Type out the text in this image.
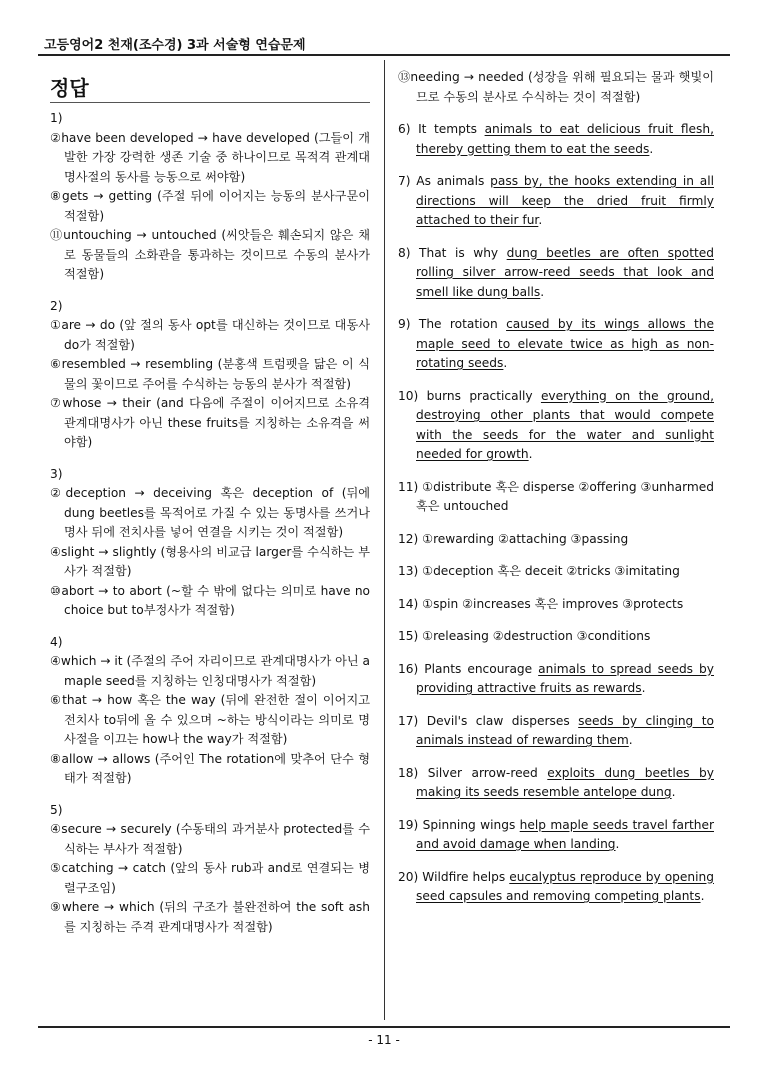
고등영어2 천재(조수경) 3과 서술형 연습문제
정답
1)
②have been developed → have developed (그들이 개발한 가장 강력한 생존 기술 중 하나이므로 목적격 관계대명사절의 동사를 능동으로 써야함)
⑧gets → getting (주절 뒤에 이어지는 능동의 분사구문이 적절함)
⑪untouching → untouched (씨앗들은 훼손되지 않은 채로 동물들의 소화관을 통과하는 것이므로 수동의 분사가 적절함)
2)
①are → do (앞 절의 동사 opt를 대신하는 것이므로 대동사 do가 적절함)
⑥resembled → resembling (분홍색 트럼펫을 닮은 이 식물의 꽃이므로 주어를 수식하는 능동의 분사가 적절함)
⑦whose → their (and 다음에 주절이 이어지므로 소유격 관계대명사가 아닌 these fruits를 지칭하는 소유격을 써야함)
3)
②deception → deceiving 혹은 deception of (뒤에 dung beetles를 목적어로 가질 수 있는 동명사를 쓰거나 명사 뒤에 전치사를 넣어 연결을 시키는 것이 적절함)
④slight → slightly (형용사의 비교급 larger를 수식하는 부사가 적절함)
⑩abort → to abort (~할 수 밖에 없다는 의미로 have no choice but to부정사가 적절함)
4)
④which → it (주절의 주어 자리이므로 관계대명사가 아닌 a maple seed를 지칭하는 인칭대명사가 적절함)
⑥that → how 혹은 the way (뒤에 완전한 절이 이어지고 전치사 to뒤에 올 수 있으며 ~하는 방식이라는 의미로 명사절을 이끄는 how나 the way가 적절함)
⑧allow → allows (주어인 The rotation에 맞추어 단수 형태가 적절함)
5)
④secure → securely (수동태의 과거분사 protected를 수식하는 부사가 적절함)
⑤catching → catch (앞의 동사 rub과 and로 연결되는 병렬구조임)
⑨where → which (뒤의 구조가 불완전하여 the soft ash를 지칭하는 주격 관계대명사가 적절함)
⑬needing → needed (성장을 위해 필요되는 물과 햇빛이므로 수동의 분사로 수식하는 것이 적절함)
6) It tempts animals to eat delicious fruit flesh, thereby getting them to eat the seeds.
7) As animals pass by, the hooks extending in all directions will keep the dried fruit firmly attached to their fur.
8) That is why dung beetles are often spotted rolling silver arrow-reed seeds that look and smell like dung balls.
9) The rotation caused by its wings allows the maple seed to elevate twice as high as non-rotating seeds.
10) burns practically everything on the ground, destroying other plants that would compete with the seeds for the water and sunlight needed for growth.
11) ①distribute 혹은 disperse ②offering ③unharmed 혹은 untouched
12) ①rewarding ②attaching ③passing
13) ①deception 혹은 deceit ②tricks ③imitating
14) ①spin ②increases 혹은 improves ③protects
15) ①releasing ②destruction ③conditions
16) Plants encourage animals to spread seeds by providing attractive fruits as rewards.
17) Devil's claw disperses seeds by clinging to animals instead of rewarding them.
18) Silver arrow-reed exploits dung beetles by making its seeds resemble antelope dung.
19) Spinning wings help maple seeds travel farther and avoid damage when landing.
20) Wildfire helps eucalyptus reproduce by opening seed capsules and removing competing plants.
- 11 -
